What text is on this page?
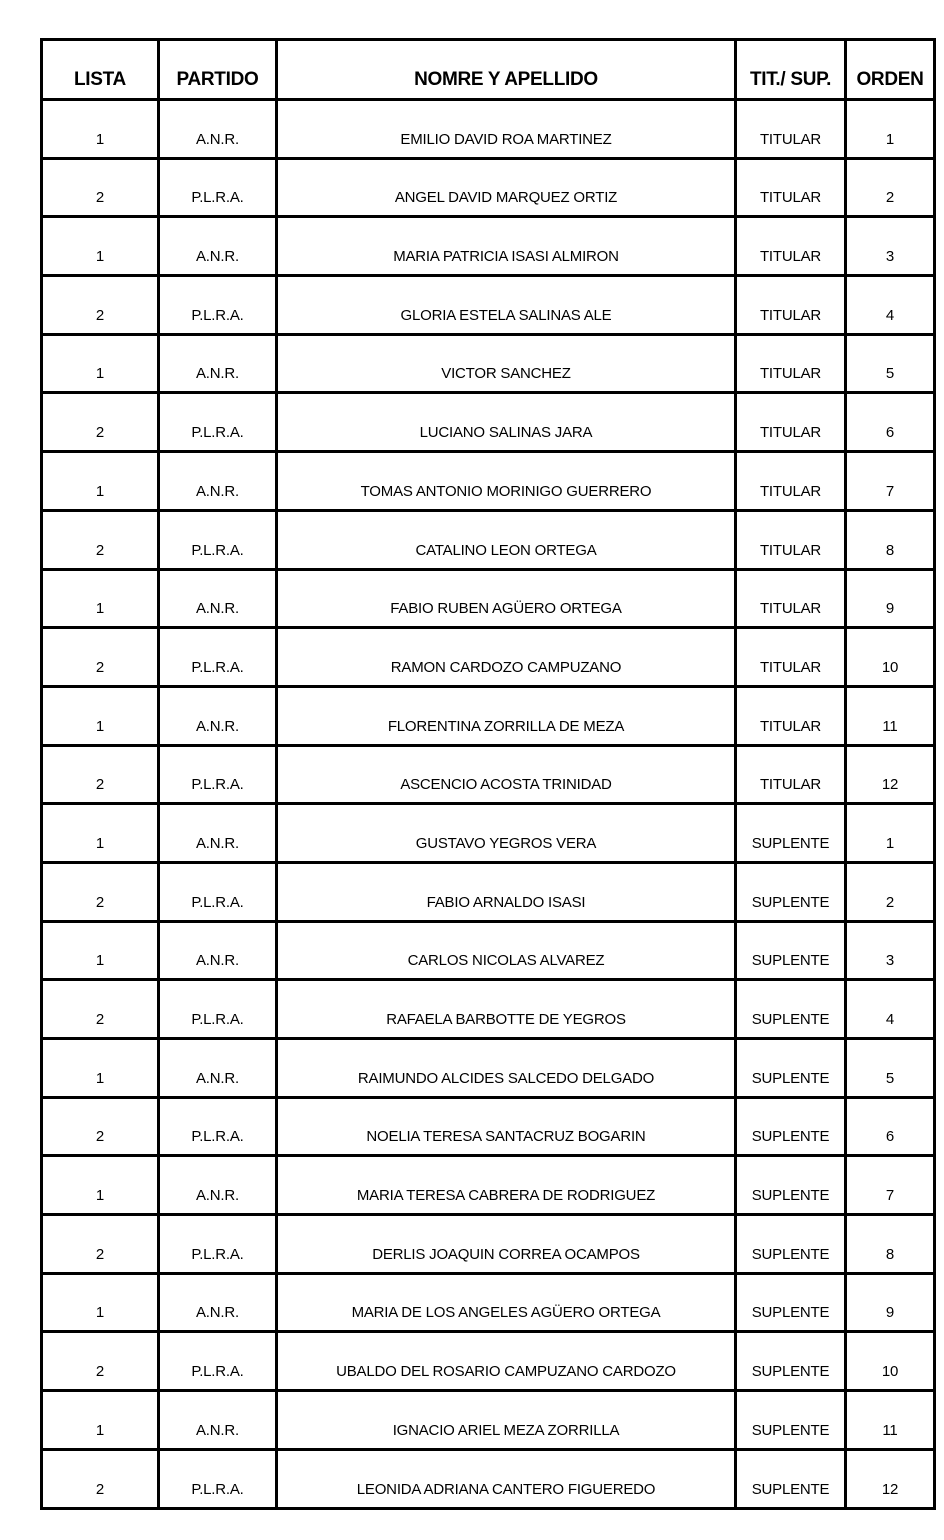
LISTA	PARTIDO	NOMRE Y APELLIDO	TIT./ SUP.	ORDEN
1	A.N.R.	EMILIO DAVID ROA MARTINEZ	TITULAR	1
2	P.L.R.A.	ANGEL DAVID MARQUEZ ORTIZ	TITULAR	2
1	A.N.R.	MARIA PATRICIA ISASI ALMIRON	TITULAR	3
2	P.L.R.A.	GLORIA ESTELA SALINAS ALE	TITULAR	4
1	A.N.R.	VICTOR SANCHEZ	TITULAR	5
2	P.L.R.A.	LUCIANO SALINAS JARA	TITULAR	6
1	A.N.R.	TOMAS ANTONIO MORINIGO GUERRERO	TITULAR	7
2	P.L.R.A.	CATALINO LEON ORTEGA	TITULAR	8
1	A.N.R.	FABIO RUBEN AGÜERO ORTEGA	TITULAR	9
2	P.L.R.A.	RAMON CARDOZO CAMPUZANO	TITULAR	10
1	A.N.R.	FLORENTINA ZORRILLA DE MEZA	TITULAR	11
2	P.L.R.A.	ASCENCIO ACOSTA TRINIDAD	TITULAR	12
1	A.N.R.	GUSTAVO YEGROS VERA	SUPLENTE	1
2	P.L.R.A.	FABIO ARNALDO ISASI	SUPLENTE	2
1	A.N.R.	CARLOS NICOLAS ALVAREZ	SUPLENTE	3
2	P.L.R.A.	RAFAELA BARBOTTE DE YEGROS	SUPLENTE	4
1	A.N.R.	RAIMUNDO ALCIDES SALCEDO DELGADO	SUPLENTE	5
2	P.L.R.A.	NOELIA TERESA SANTACRUZ BOGARIN	SUPLENTE	6
1	A.N.R.	MARIA TERESA CABRERA DE RODRIGUEZ	SUPLENTE	7
2	P.L.R.A.	DERLIS JOAQUIN CORREA OCAMPOS	SUPLENTE	8
1	A.N.R.	MARIA DE LOS ANGELES AGÜERO ORTEGA	SUPLENTE	9
2	P.L.R.A.	UBALDO DEL ROSARIO CAMPUZANO CARDOZO	SUPLENTE	10
1	A.N.R.	IGNACIO ARIEL MEZA ZORRILLA	SUPLENTE	11
2	P.L.R.A.	LEONIDA ADRIANA CANTERO FIGUEREDO	SUPLENTE	12
